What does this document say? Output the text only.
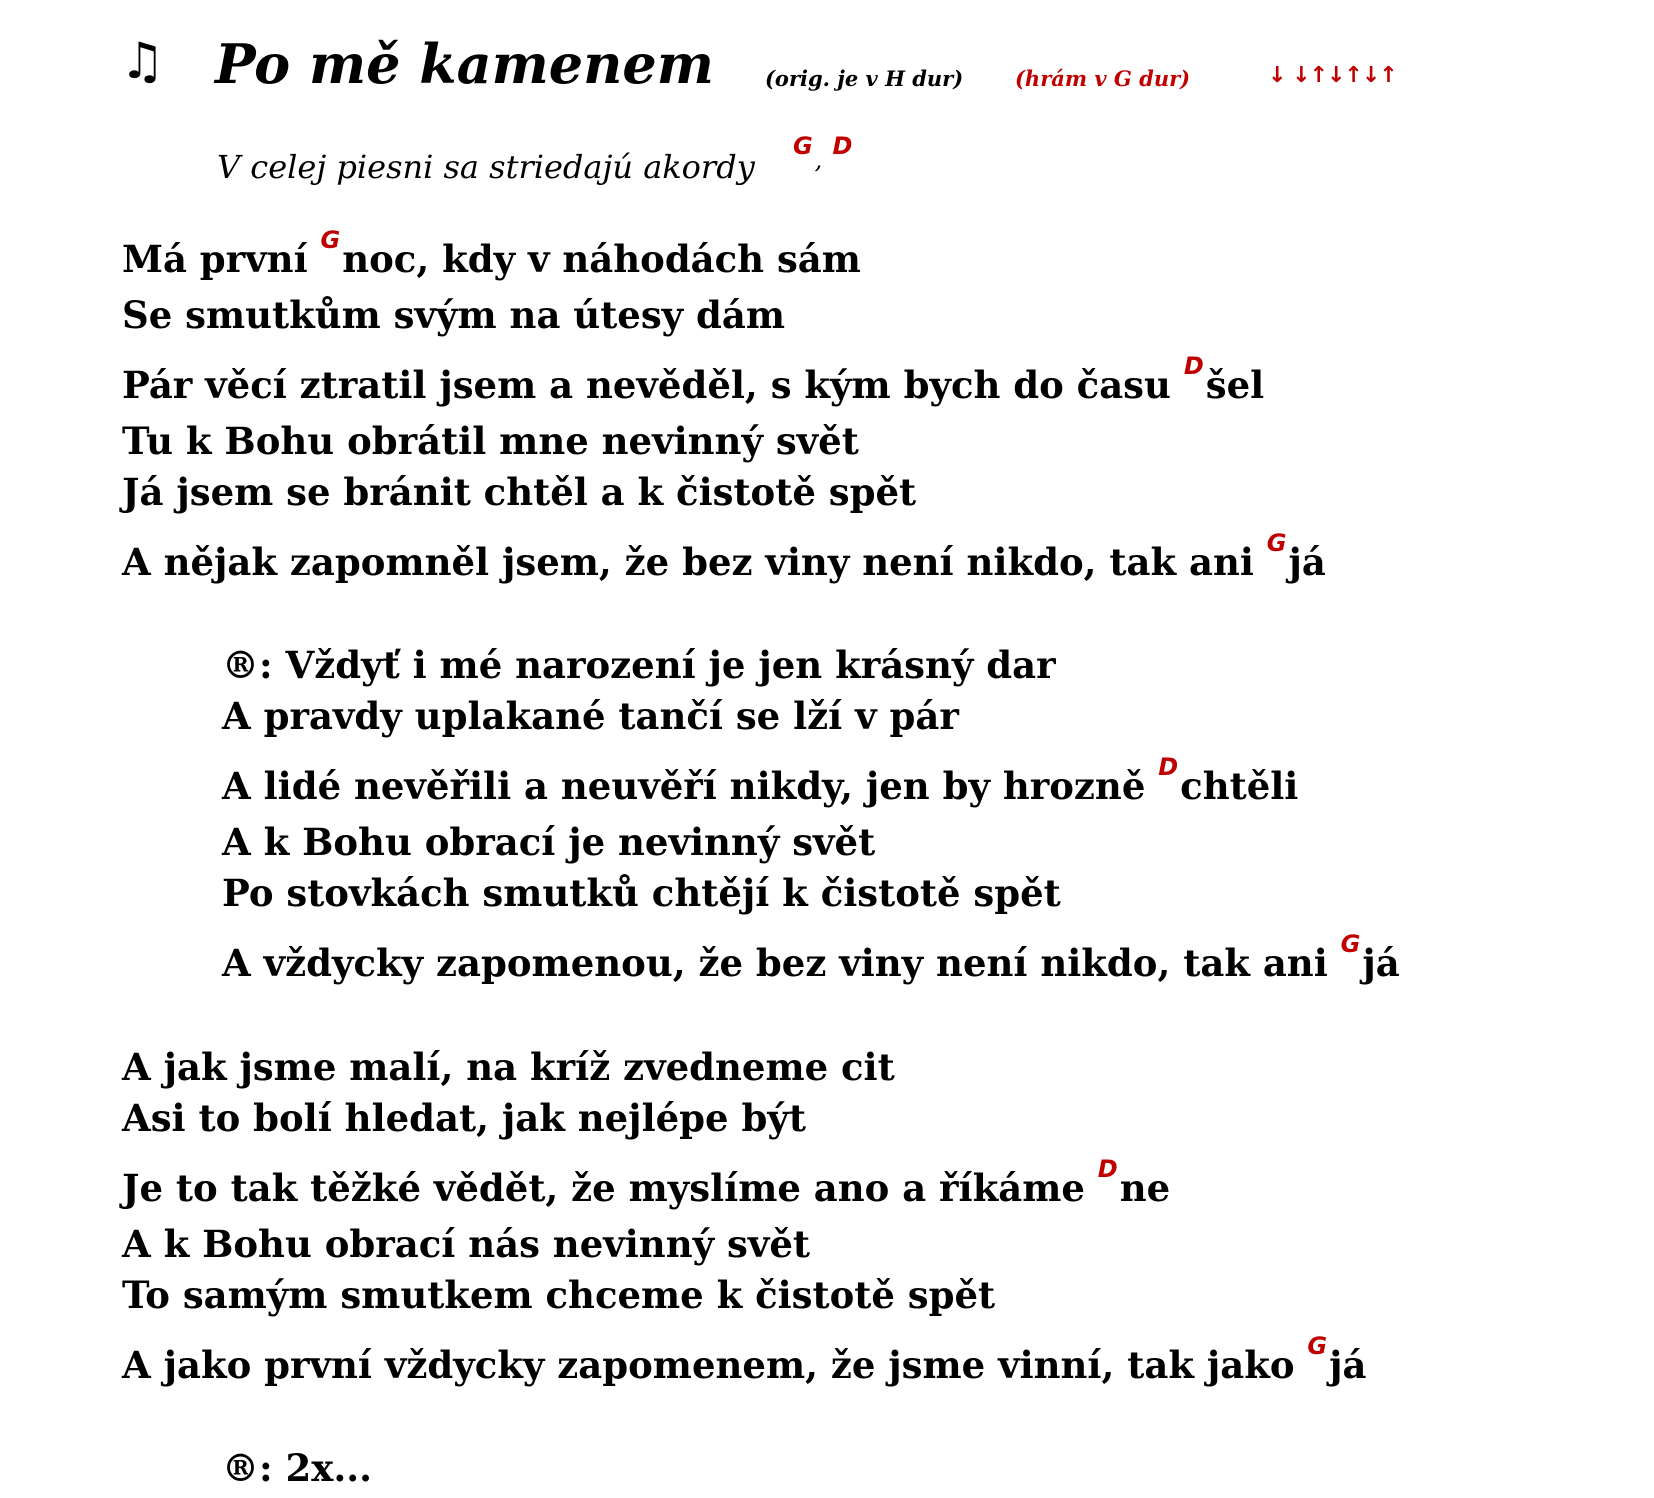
♫ Po mě kamenem (orig. je v H dur) (hrám v G dur)	↓ ↓↑↓↑↓↑
V celej piesni sa striedajú akordy $^{G,}$ $^D$
Má první $^G$noc, kdy v náhodách sám
Se smutkům svým na útesy dám
Pár věcí ztratil jsem a nevěděl, s kým bych do času $^D$šel
Tu k Bohu obrátil mne nevinný svět
Já jsem se bránit chtěl a k čistotě spět
A nějak zapomněl jsem, že bez viny není nikdo, tak ani $^G$já
®: Vždyť i mé narození je jen krásný dar
A pravdy uplakané tančí se lží v pár
A lidé nevěřili a neuvěří nikdy, jen by hrozně $^D$chtěli
A k Bohu obrací je nevinný svět
Po stovkách smutků chtějí k čistotě spět
A vždycky zapomenou, že bez viny není nikdo, tak ani $^G$já
A jak jsme malí, na kríž zvedneme cit
Asi to bolí hledat, jak nejlépe být
Je to tak těžké vědět, že myslíme ano a říkáme $^D$ne
A k Bohu obrací nás nevinný svět
To samým smutkem chceme k čistotě spět
A jako první vždycky zapomenem, že jsme vinní, tak jako $^G$já
®: 2x...
